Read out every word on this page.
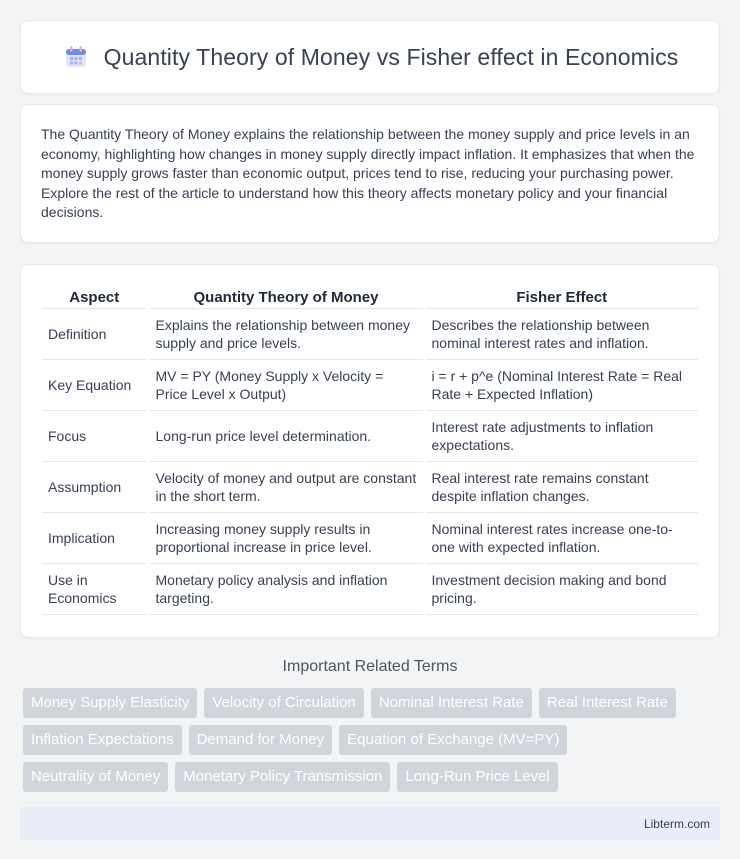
Quantity Theory of Money vs Fisher effect in Economics
The Quantity Theory of Money explains the relationship between the money supply and price levels in an economy, highlighting how changes in money supply directly impact inflation. It emphasizes that when the money supply grows faster than economic output, prices tend to rise, reducing your purchasing power. Explore the rest of the article to understand how this theory affects monetary policy and your financial decisions.
Aspect	Quantity Theory of Money	Fisher Effect
Definition	Explains the relationship between money supply and price levels.	Describes the relationship between nominal interest rates and inflation.
Key Equation	MV = PY (Money Supply x Velocity = Price Level x Output)	i = r + p^e (Nominal Interest Rate = Real Rate + Expected Inflation)
Focus	Long-run price level determination.	Interest rate adjustments to inflation expectations.
Assumption	Velocity of money and output are constant in the short term.	Real interest rate remains constant despite inflation changes.
Implication	Increasing money supply results in proportional increase in price level.	Nominal interest rates increase one-to-one with expected inflation.
Use in Economics	Monetary policy analysis and inflation targeting.	Investment decision making and bond pricing.
Important Related Terms
Money Supply Elasticity	Velocity of Circulation	Nominal Interest Rate	Real Interest Rate
Inflation Expectations	Demand for Money	Equation of Exchange (MV=PY)
Neutrality of Money	Monetary Policy Transmission	Long-Run Price Level
Libterm.com
